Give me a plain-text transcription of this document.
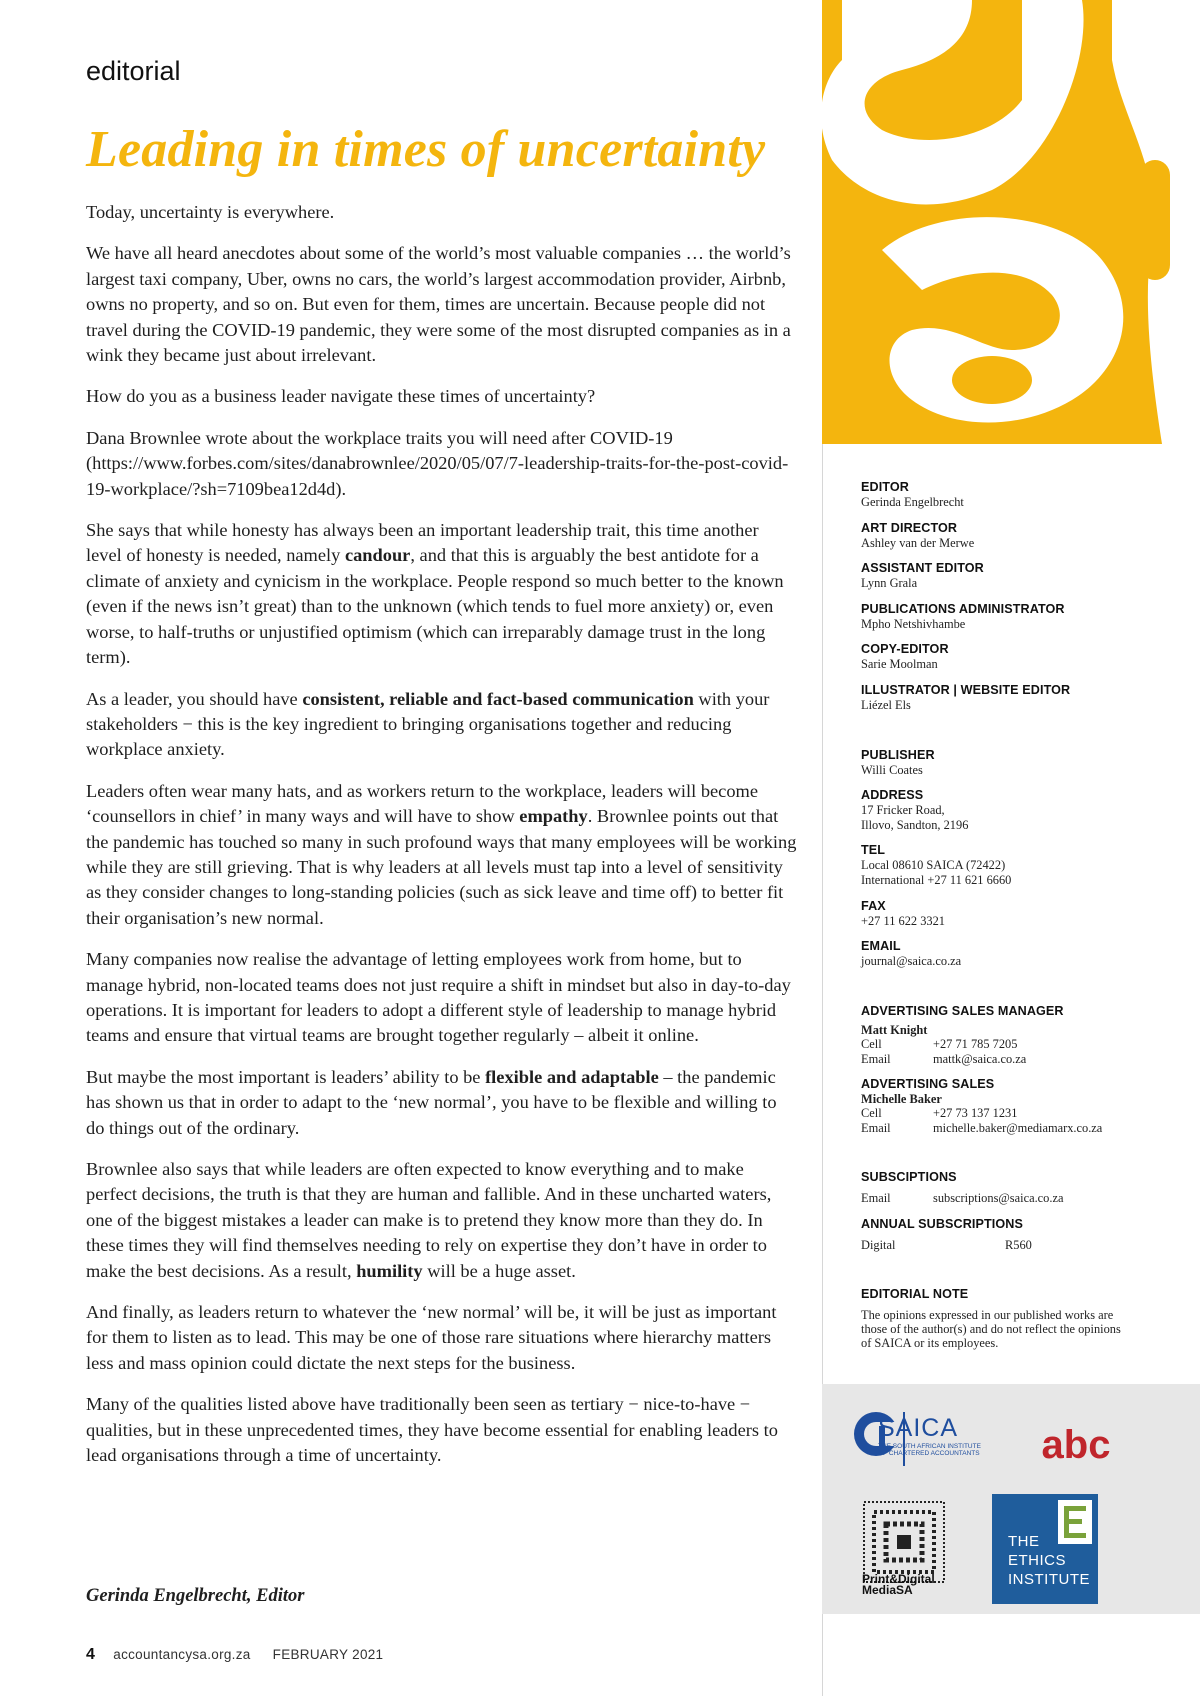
editorial
Leading in times of uncertainty

Today, uncertainty is everywhere.

We have all heard anecdotes about some of the world’s most valuable companies … the world’s largest taxi company, Uber, owns no cars, the world’s largest accommodation provider, Airbnb, owns no property, and so on. But even for them, times are uncertain. Because people did not travel during the COVID-19 pandemic, they were some of the most disrupted companies as in a wink they became just about irrelevant.

How do you as a business leader navigate these times of uncertainty?

Dana Brownlee wrote about the workplace traits you will need after COVID-19 (https://www.forbes.com/sites/danabrownlee/2020/05/07/7-leadership-traits-for-the-post-covid-19-workplace/?sh=7109bea12d4d).

She says that while honesty has always been an important leadership trait, this time another level of honesty is needed, namely candour, and that this is arguably the best antidote for a climate of anxiety and cynicism in the workplace. People respond so much better to the known (even if the news isn’t great) than to the unknown (which tends to fuel more anxiety) or, even worse, to half-truths or unjustified optimism (which can irreparably damage trust in the long term).

As a leader, you should have consistent, reliable and fact-based communication with your stakeholders − this is the key ingredient to bringing organisations together and reducing workplace anxiety.

Leaders often wear many hats, and as workers return to the workplace, leaders will become ‘counsellors in chief’ in many ways and will have to show empathy. Brownlee points out that the pandemic has touched so many in such profound ways that many employees will be working while they are still grieving. That is why leaders at all levels must tap into a level of sensitivity as they consider changes to long-standing policies (such as sick leave and time off) to better fit their organisation’s new normal.

Many companies now realise the advantage of letting employees work from home, but to manage hybrid, non-located teams does not just require a shift in mindset but also in day-to-day operations. It is important for leaders to adopt a different style of leadership to manage hybrid teams and ensure that virtual teams are brought together regularly – albeit it online.

But maybe the most important is leaders’ ability to be flexible and adaptable – the pandemic has shown us that in order to adapt to the ‘new normal’, you have to be flexible and willing to do things out of the ordinary.

Brownlee also says that while leaders are often expected to know everything and to make perfect decisions, the truth is that they are human and fallible. And in these uncharted waters, one of the biggest mistakes a leader can make is to pretend they know more than they do. In these times they will find themselves needing to rely on expertise they don’t have in order to make the best decisions. As a result, humility will be a huge asset.

And finally, as leaders return to whatever the ‘new normal’ will be, it will be just as important for them to listen as to lead. This may be one of those rare situations where hierarchy matters less and mass opinion could dictate the next steps for the business.

Many of the qualities listed above have traditionally been seen as tertiary − nice-to-have − qualities, but in these unprecedented times, they have become essential for enabling leaders to lead organisations through a time of uncertainty.

Gerinda Engelbrecht, Editor
4 accountancysa.org.za FEBRUARY 2021
EDITOR
Gerinda Engelbrecht
ART DIRECTOR
Ashley van der Merwe
ASSISTANT EDITOR
Lynn Grala
PUBLICATIONS ADMINISTRATOR
Mpho Netshivhambe
COPY-EDITOR
Sarie Moolman
ILLUSTRATOR | WEBSITE EDITOR
Liézel Els
PUBLISHER
Willi Coates
ADDRESS
17 Fricker Road,
Illovo, Sandton, 2196
TEL
Local 08610 SAICA (72422)
International +27 11 621 6660
FAX
+27 11 622 3321
EMAIL
journal@saica.co.za
ADVERTISING SALES MANAGER
Matt Knight
Cell	+27 71 785 7205
Email	mattk@saica.co.za
ADVERTISING SALES
Michelle Baker
Cell	+27 73 137 1231
Email	michelle.baker@mediamarx.co.za
SUBSCIPTIONS
Email	subscriptions@saica.co.za
ANNUAL SUBSCRIPTIONS
Digital	R560
EDITORIAL NOTE
The opinions expressed in our published works are those of the author(s) and do not reflect the opinions of SAICA or its employees.
SAICA
THE SOUTH AFRICAN INSTITUTE OF CHARTERED ACCOUNTANTS abc
Print&Digital
MediaSA
THE
ETHICS
INSTITUTE
